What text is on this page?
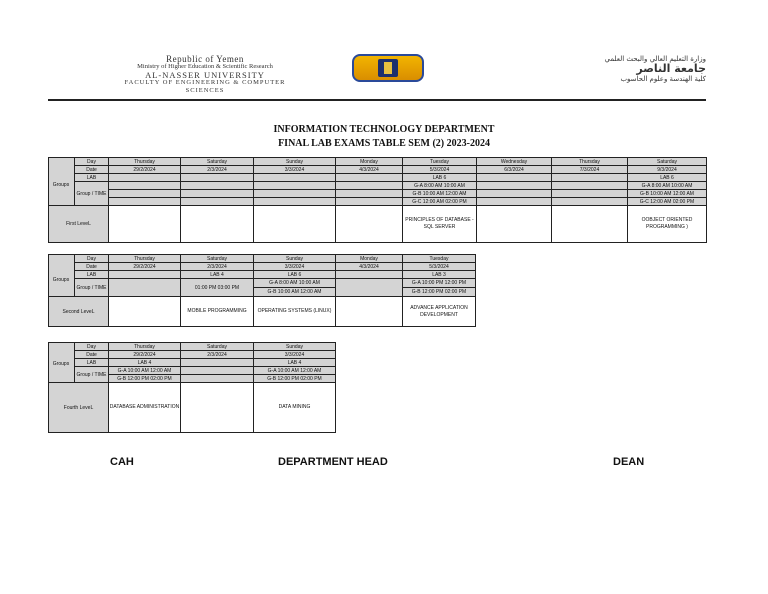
Republic of Yemen
Ministry of Higher Education & Scientific Research
AL-NASSER UNIVERSITY
FACULTY OF ENGINEERING & COMPUTER
SCIENCES
وزارة التعليم العالي والبحث العلمي
جامعة الناصر
كلية الهندسة وعلوم الحاسوب
INFORMATION TECHNOLOGY DEPARTMENT
FINAL LAB EXAMS TABLE SEM (2) 2023-2024
	Day	Thursday	Saturday	Sunday	Monday	Tuesday	Wednesday	Thursday	Saturday
	Date	29/2/2024	2/3/2024	3/3/2024	4/3/2024	5/3/2024	6/3/2024	7/3/2024	9/3/2024
	LAB					LAB 6			LAB 6
	Group / TIME					G-A 8:00 AM 10:00 AM			G-A 8:00 AM 10:00 AM
						G-B 10:00 AM 12:00 AM			G-B 10:00 AM 12:00 AM
						G-C 12:00 AM 02:00 PM			G-C 12:00 AM 02:00 PM
First LeveL						PRINCIPLES OF DATABASE - SQL SERVER			OOBJECT ORIENTED PROGRAMMING )
Groups
	Day	Thursday	Saturday	Sunday	Monday	Tuesday
	Date	29/2/2024	2/3/2024	3/3/2024	4/3/2024	5/3/2024
	LAB		LAB 4	LAB 6		LAB 3
	Group / TIME		01:00 PM 03:00 PM	G-A 8:00 AM 10:00 AM		G-A 10:00 PM 12:00 PM
				G-B 10:00 AM 12:00 AM		G-B 12:00 PM 02:00 PM
Second LeveL			MOBILE PROGRAMMING	OPERATING SYSTEMS (LINUX)		ADVANCE APPLICATION DEVELOPMENT
Groups
	Day	Thursday	Saturday	Sunday
	Date	29/2/2024	2/3/2024	3/3/2024
	LAB	LAB 4		LAB 4
	Group / TIME	G-A 10:00 AM 12:00 AM		G-A 10:00 AM 12:00 AM
		G-B 12:00 PM 02:00 PM		G-B 12:00 PM 02:00 PM
Fourth LeveL		DATABASE ADMINISTRATION		DATA MINING
Groups
CAH	DEPARTMENT HEAD	DEAN
